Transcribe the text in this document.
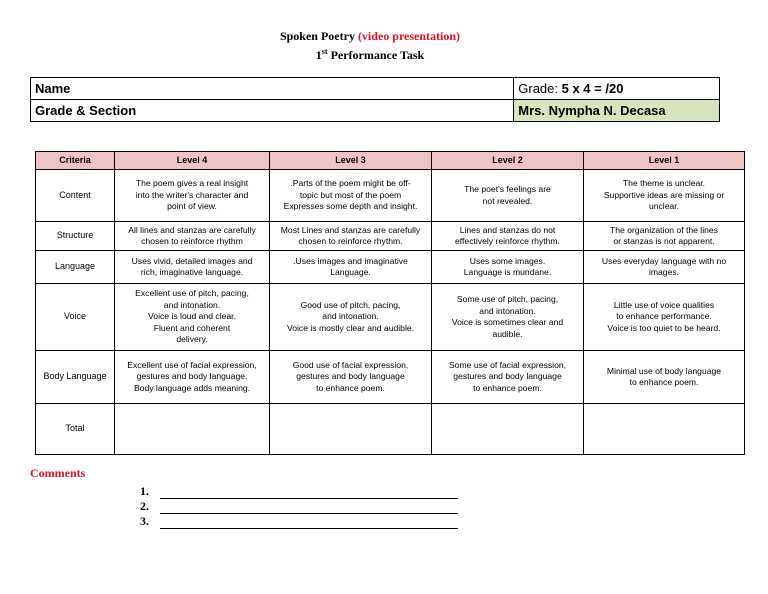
Spoken Poetry (video presentation)
1st Performance Task
Name	Grade: 5 x 4 = /20
Grade & Section	Mrs. Nympha N. Decasa
Criteria	Level 4	Level 3	Level 2	Level 1
Content	The poem gives a real insight
into the writer's character and
point of view.	.Parts of the poem might be off-
topic but most of the poem
Expresses some depth and insight.	The poet's feelings are
not revealed.	The theme is unclear.
Supportive ideas are missing or
unclear.
Structure	All lines and stanzas are carefully
chosen to reinforce rhythm	Most Lines and stanzas are carefully
chosen to reinforce rhythm.	Lines and stanzas do not
effectively reinforce rhythm.	The organization of the lines
or stanzas is not apparent.
Language	Uses vivid, detailed images and
rich, imaginative language.	.Uses images and imaginative
Language.	Uses some images.
Language is mundane.	Uses everyday language with no
images.
Voice	Excellent use of pitch, pacing,
and intonation.
Voice is loud and clear.
Fluent and coherent
delivery.	Good use of pitch, pacing,
and intonation.
Voice is mostly clear and audible.	Some use of pitch, pacing,
and intonation.
Voice is sometimes clear and
audible.	Little use of voice qualities
to enhance performance.
Voice is too quiet to be heard.
Body Language	Excellent use of facial expression,
gestures and body language.
Body language adds meaning.	Good use of facial expression,
gestures and body language
to enhance poem.	Some use of facial expression,
gestures and body language
to enhance poem.	Minimal use of body language
to enhance poem.
Total				
Comments
1.
2.
3.
